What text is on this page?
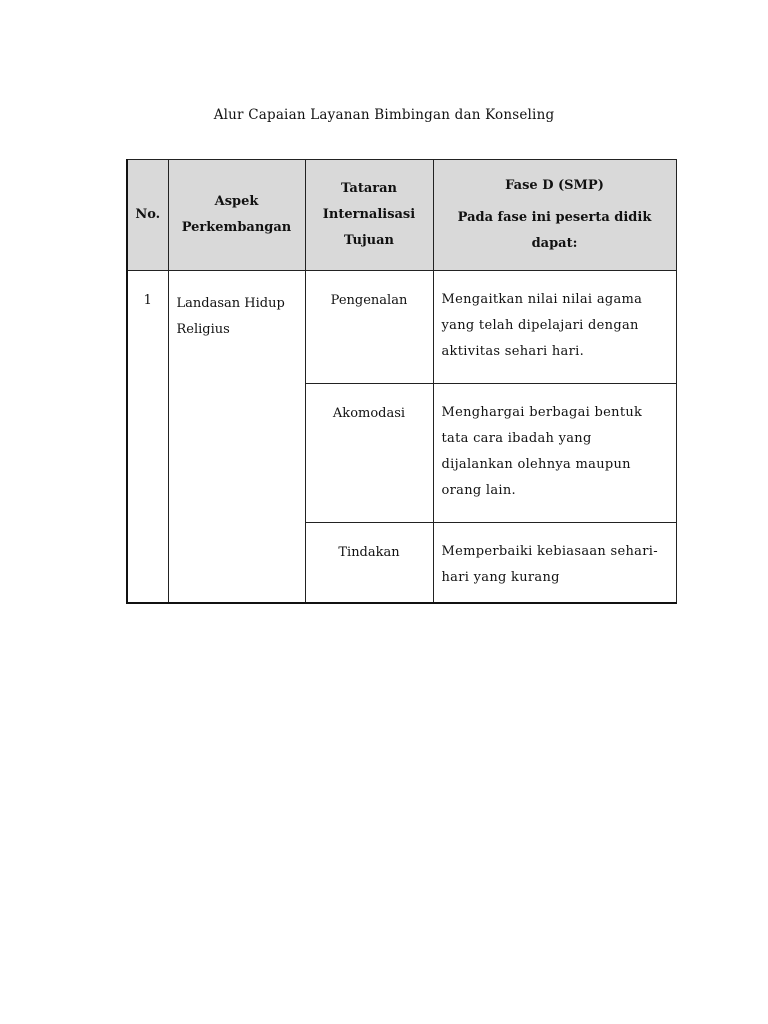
Alur Capaian Layanan Bimbingan dan Konseling
No.	Aspek Perkembangan	Tataran Internalisasi Tujuan	Fase D (SMP)
Pada fase ini peserta didik dapat:

1	Landasan Hidup Religius	Pengenalan	Mengaitkan nilai nilai agama yang telah dipelajari dengan aktivitas sehari hari.
		Akomodasi	Menghargai berbagai bentuk tata cara ibadah yang dijalankan olehnya maupun orang lain.
		Tindakan	Memperbaiki kebiasaan sehari-hari yang kurang
